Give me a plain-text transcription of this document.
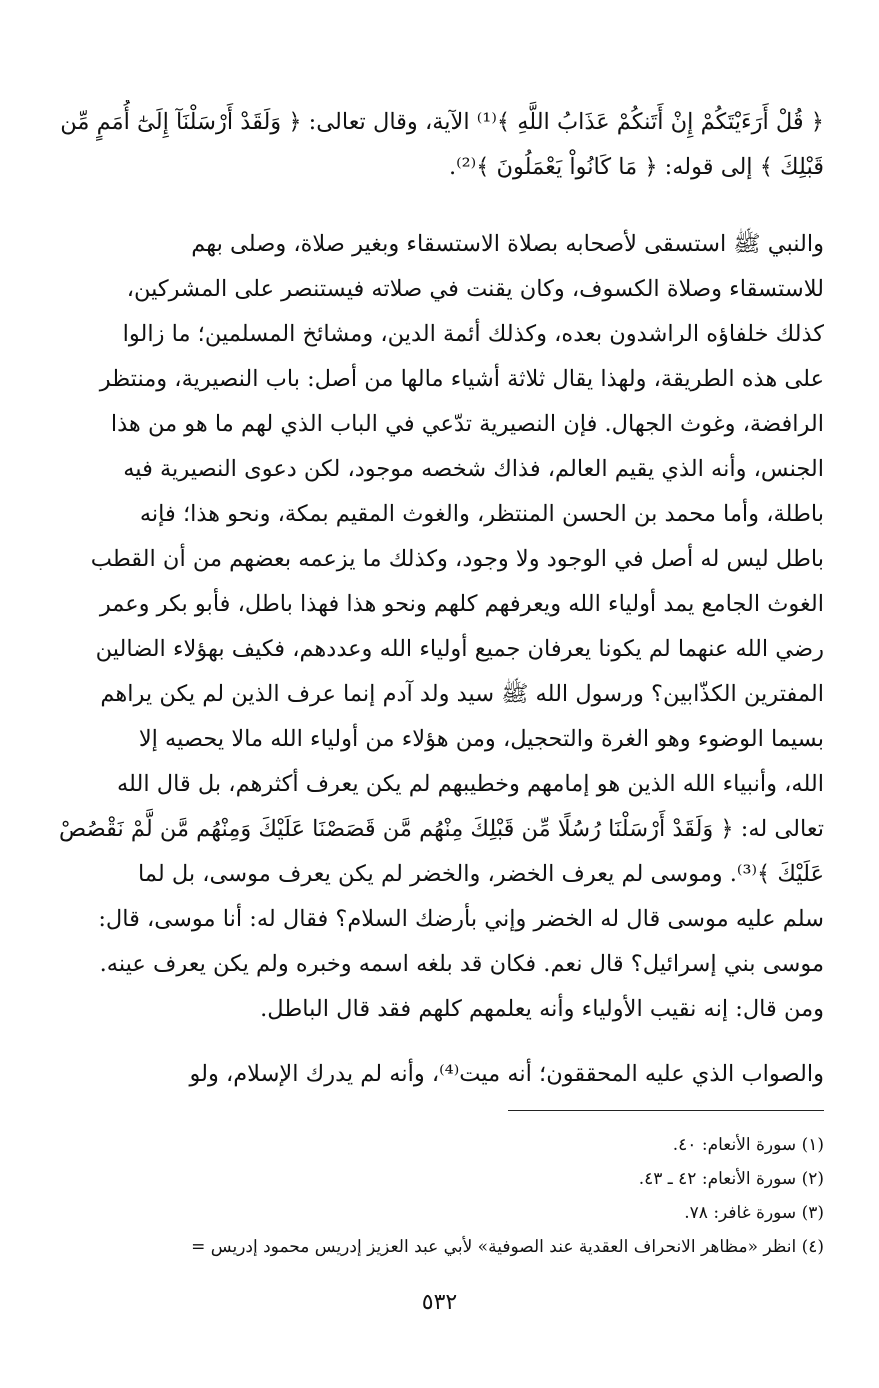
﴿ قُلْ أَرَءَيْتَكُمْ إِنْ أَتَنكُمْ عَذَابُ اللَّهِ ﴾⁽¹⁾ الآية، وقال تعالى: ﴿ وَلَقَدْ أَرْسَلْنَآ إِلَىٰٓ أُمَمٍ مِّن
قَبْلِكَ ﴾ إلى قوله: ﴿ مَا كَانُواْ يَعْمَلُونَ ﴾⁽²⁾.
والنبي ﷺ استسقى لأصحابه بصلاة الاستسقاء وبغير صلاة، وصلى بهم
للاستسقاء وصلاة الكسوف، وكان يقنت في صلاته فيستنصر على المشركين،
كذلك خلفاؤه الراشدون بعده، وكذلك أئمة الدين، ومشائخ المسلمين؛ ما زالوا
على هذه الطريقة، ولهذا يقال ثلاثة أشياء مالها من أصل: باب النصيرية، ومنتظر
الرافضة، وغوث الجهال. فإن النصيرية تدّعي في الباب الذي لهم ما هو من هذا
الجنس، وأنه الذي يقيم العالم، فذاك شخصه موجود، لكن دعوى النصيرية فيه
باطلة، وأما محمد بن الحسن المنتظر، والغوث المقيم بمكة، ونحو هذا؛ فإنه
باطل ليس له أصل في الوجود ولا وجود، وكذلك ما يزعمه بعضهم من أن القطب
الغوث الجامع يمد أولياء الله ويعرفهم كلهم ونحو هذا فهذا باطل، فأبو بكر وعمر
رضي الله عنهما لم يكونا يعرفان جميع أولياء الله وعددهم، فكيف بهؤلاء الضالين
المفترين الكذّابين؟ ورسول الله ﷺ سيد ولد آدم إنما عرف الذين لم يكن يراهم
بسيما الوضوء وهو الغرة والتحجيل، ومن هؤلاء من أولياء الله مالا يحصيه إلا
الله، وأنبياء الله الذين هو إمامهم وخطيبهم لم يكن يعرف أكثرهم، بل قال الله
تعالى له: ﴿ وَلَقَدْ أَرْسَلْنَا رُسُلًا مِّن قَبْلِكَ مِنْهُم مَّن قَصَصْنَا عَلَيْكَ وَمِنْهُم مَّن لَّمْ نَقْصُصْ
عَلَيْكَ ﴾⁽³⁾. وموسى لم يعرف الخضر، والخضر لم يكن يعرف موسى، بل لما
سلم عليه موسى قال له الخضر وإني بأرضك السلام؟ فقال له: أنا موسى، قال:
موسى بني إسرائيل؟ قال نعم. فكان قد بلغه اسمه وخبره ولم يكن يعرف عينه.
ومن قال: إنه نقيب الأولياء وأنه يعلمهم كلهم فقد قال الباطل.
والصواب الذي عليه المحققون؛ أنه ميت⁽⁴⁾، وأنه لم يدرك الإسلام، ولو
(١) سورة الأنعام: ٤٠.
(٢) سورة الأنعام: ٤٢ ـ ٤٣.
(٣) سورة غافر: ٧٨.
(٤) انظر «مظاهر الانحراف العقدية عند الصوفية» لأبي عبد العزيز إدريس محمود إدريس =
٥٣٢
